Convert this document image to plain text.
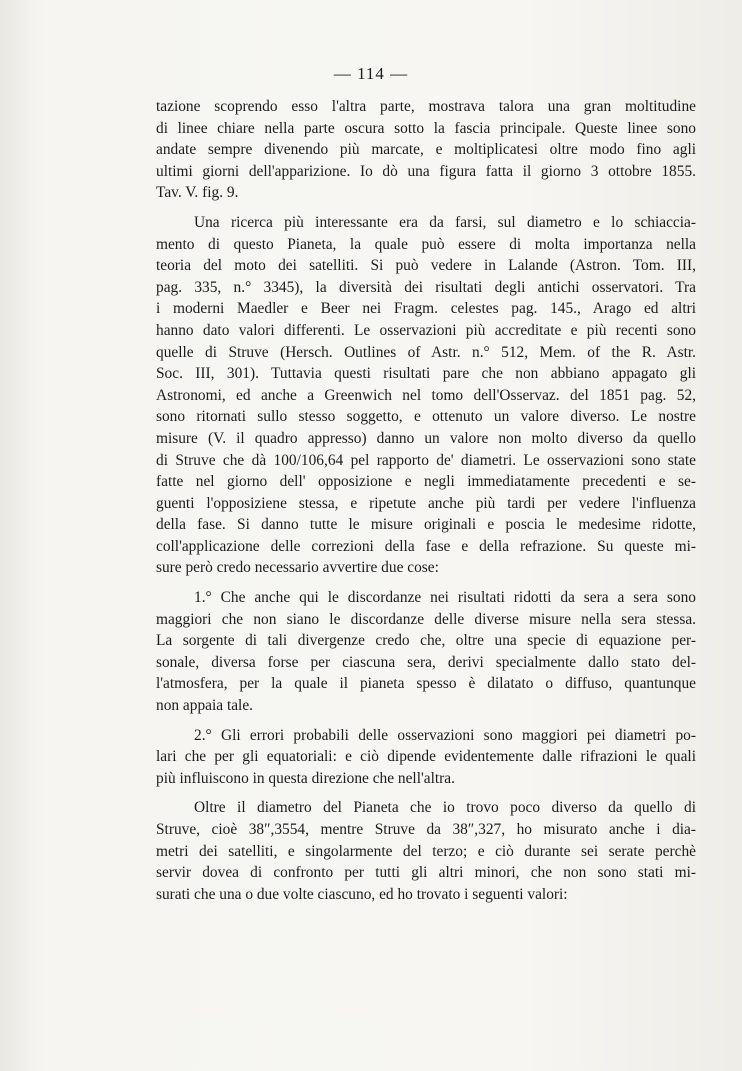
— 114 —

tazione scoprendo esso l'altra parte, mostrava talora una gran moltitudine
di linee chiare nella parte oscura sotto la fascia principale. Queste linee sono
andate sempre divenendo più marcate, e moltiplicatesi oltre modo fino agli
ultimi giorni dell'apparizione. Io dò una figura fatta il giorno 3 ottobre 1855.
Tav. V. fig. 9.

Una ricerca più interessante era da farsi, sul diametro e lo schiaccia-
mento di questo Pianeta, la quale può essere di molta importanza nella
teoria del moto dei satelliti. Si può vedere in Lalande (Astron. Tom. III,
pag. 335, n.° 3345), la diversità dei risultati degli antichi osservatori. Tra
i moderni Maedler e Beer nei Fragm. celestes pag. 145., Arago ed altri
hanno dato valori differenti. Le osservazioni più accreditate e più recenti sono
quelle di Struve (Hersch. Outlines of Astr. n.° 512, Mem. of the R. Astr.
Soc. III, 301). Tuttavia questi risultati pare che non abbiano appagato gli
Astronomi, ed anche a Greenwich nel tomo dell'Osservaz. del 1851 pag. 52,
sono ritornati sullo stesso soggetto, e ottenuto un valore diverso. Le nostre
misure (V. il quadro appresso) danno un valore non molto diverso da quello
di Struve che dà 100/106,64 pel rapporto de' diametri. Le osservazioni sono state
fatte nel giorno dell' opposizione e negli immediatamente precedenti e se-
guenti l'opposiziene stessa, e ripetute anche più tardi per vedere l'influenza
della fase. Si danno tutte le misure originali e poscia le medesime ridotte,
coll'applicazione delle correzioni della fase e della refrazione. Su queste mi-
sure però credo necessario avvertire due cose:

1.° Che anche qui le discordanze nei risultati ridotti da sera a sera sono
maggiori che non siano le discordanze delle diverse misure nella sera stessa.
La sorgente di tali divergenze credo che, oltre una specie di equazione per-
sonale, diversa forse per ciascuna sera, derivi specialmente dallo stato del-
l'atmosfera, per la quale il pianeta spesso è dilatato o diffuso, quantunque
non appaia tale.

2.° Gli errori probabili delle osservazioni sono maggiori pei diametri po-
lari che per gli equatoriali: e ciò dipende evidentemente dalle rifrazioni le quali
più influiscono in questa direzione che nell'altra.

Oltre il diametro del Pianeta che io trovo poco diverso da quello di
Struve, cioè 38″,3554, mentre Struve da 38″,327, ho misurato anche i dia-
metri dei satelliti, e singolarmente del terzo; e ciò durante sei serate perchè
servir dovea di confronto per tutti gli altri minori, che non sono stati mi-
surati che una o due volte ciascuno, ed ho trovato i seguenti valori:
